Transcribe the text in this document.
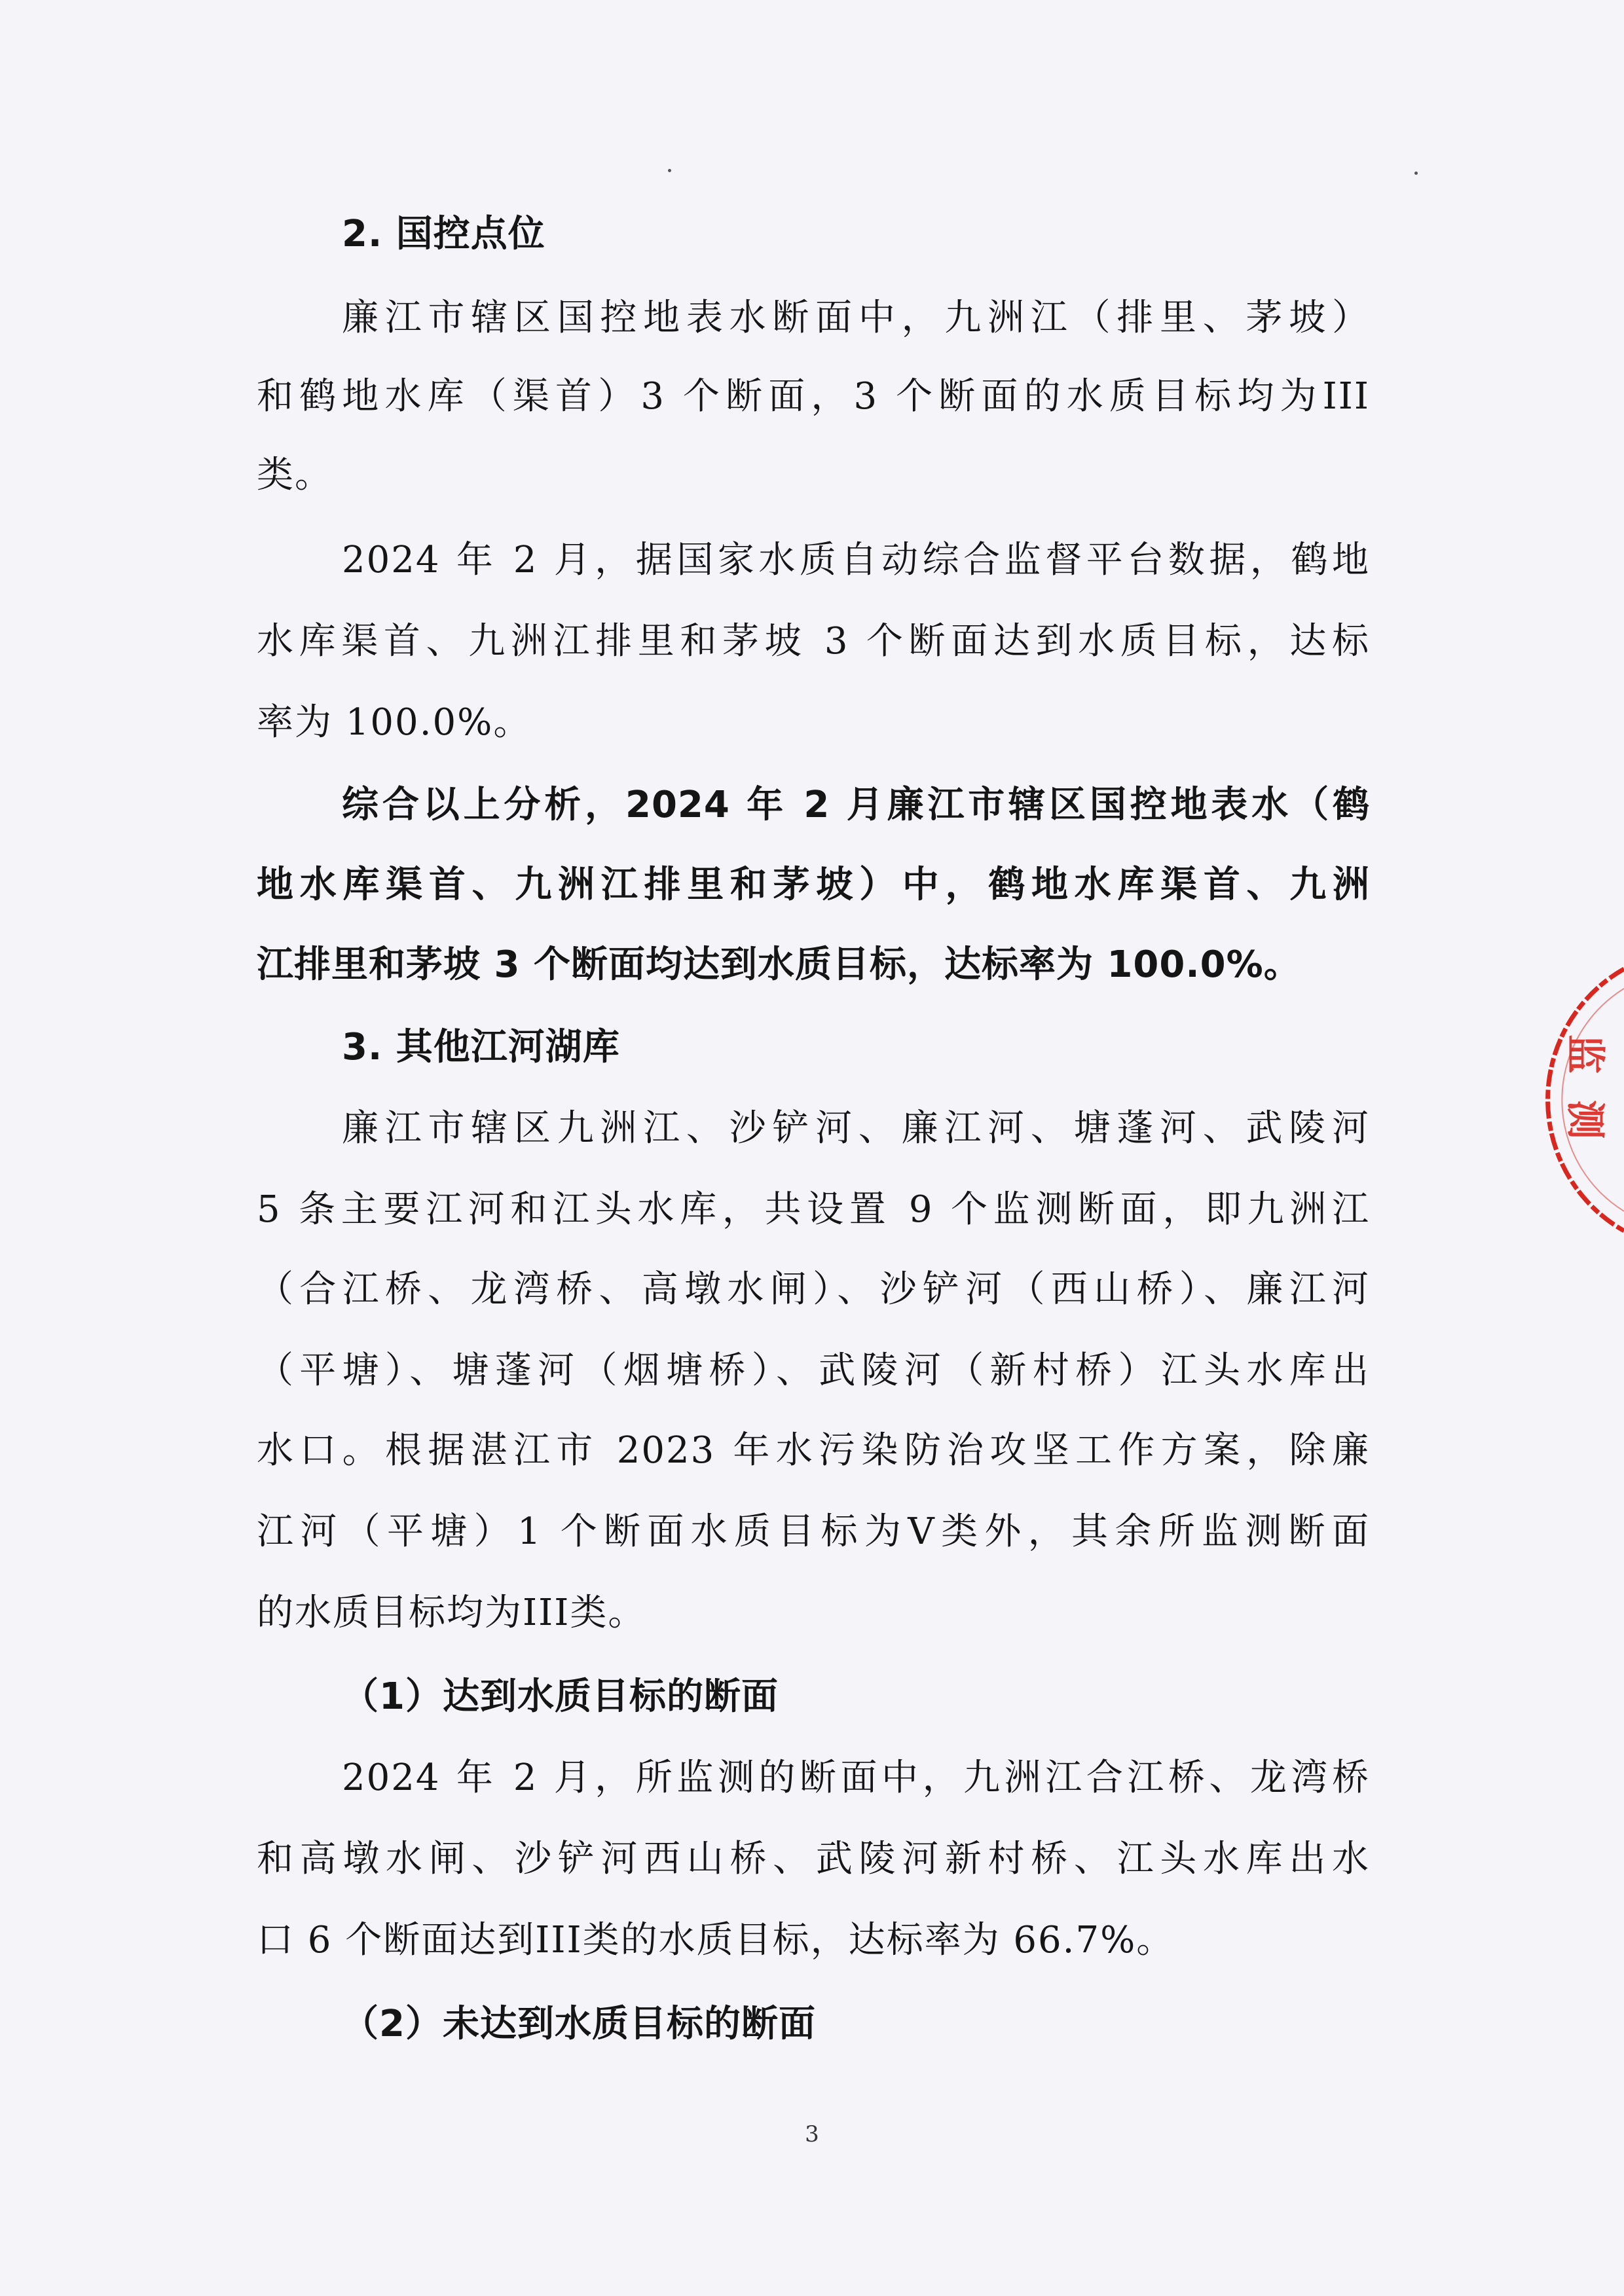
2. 国控点位
廉江市辖区国控地表水断面中，九洲江（排里、茅坡）
和鹤地水库（渠首）3 个断面，3 个断面的水质目标均为III
类。
2024 年 2 月，据国家水质自动综合监督平台数据，鹤地
水库渠首、九洲江排里和茅坡 3 个断面达到水质目标，达标
率为 100.0%。
综合以上分析，2024 年 2 月廉江市辖区国控地表水（鹤
地水库渠首、九洲江排里和茅坡）中，鹤地水库渠首、九洲
江排里和茅坡 3 个断面均达到水质目标，达标率为 100.0%。
3. 其他江河湖库
廉江市辖区九洲江、沙铲河、廉江河、塘蓬河、武陵河
5 条主要江河和江头水库，共设置 9 个监测断面，即九洲江
（合江桥、龙湾桥、高墩水闸）、沙铲河（西山桥）、廉江河
（平塘）、塘蓬河（烟塘桥）、武陵河（新村桥）江头水库出
水口。根据湛江市 2023 年水污染防治攻坚工作方案，除廉
江河（平塘）1 个断面水质目标为Ⅴ类外，其余所监测断面
的水质目标均为III类。
（1）达到水质目标的断面
2024 年 2 月，所监测的断面中，九洲江合江桥、龙湾桥
和高墩水闸、沙铲河西山桥、武陵河新村桥、江头水库出水
口 6 个断面达到III类的水质目标，达标率为 66.7%。
（2）未达到水质目标的断面
3
监测
